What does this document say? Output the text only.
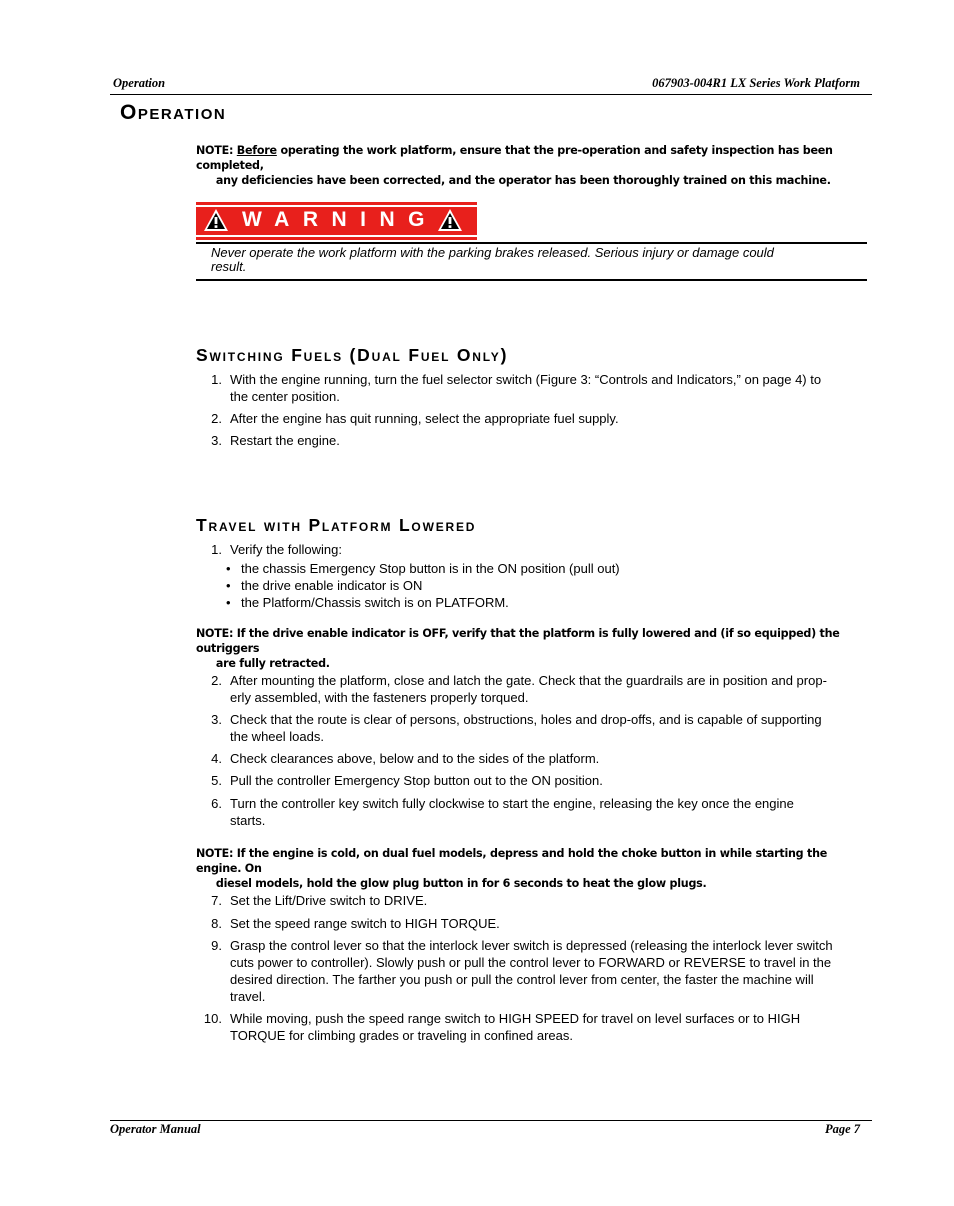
Operation	067903-004R1 LX Series Work Platform
Operation
NOTE: Before operating the work platform, ensure that the pre-operation and safety inspection has been completed,
any deficiencies have been corrected, and the operator has been thoroughly trained on this machine.
WARNING
Never operate the work platform with the parking brakes released. Serious injury or damage could
result.
Switching Fuels (Dual Fuel Only)
1. With the engine running, turn the fuel selector switch (Figure 3: “Controls and Indicators,” on page 4) to
the center position.
2. After the engine has quit running, select the appropriate fuel supply.
3. Restart the engine.
Travel with Platform Lowered
1. Verify the following:
• the chassis Emergency Stop button is in the ON position (pull out)
• the drive enable indicator is ON
• the Platform/Chassis switch is on PLATFORM.
NOTE: If the drive enable indicator is OFF, verify that the platform is fully lowered and (if so equipped) the outriggers
are fully retracted.
2. After mounting the platform, close and latch the gate. Check that the guardrails are in position and prop-
erly assembled, with the fasteners properly torqued.
3. Check that the route is clear of persons, obstructions, holes and drop-offs, and is capable of supporting
the wheel loads.
4. Check clearances above, below and to the sides of the platform.
5. Pull the controller Emergency Stop button out to the ON position.
6. Turn the controller key switch fully clockwise to start the engine, releasing the key once the engine
starts.
NOTE: If the engine is cold, on dual fuel models, depress and hold the choke button in while starting the engine. On
diesel models, hold the glow plug button in for 6 seconds to heat the glow plugs.
7. Set the Lift/Drive switch to DRIVE.
8. Set the speed range switch to HIGH TORQUE.
9. Grasp the control lever so that the interlock lever switch is depressed (releasing the interlock lever switch
cuts power to controller). Slowly push or pull the control lever to FORWARD or REVERSE to travel in the
desired direction. The farther you push or pull the control lever from center, the faster the machine will
travel.
10. While moving, push the speed range switch to HIGH SPEED for travel on level surfaces or to HIGH
TORQUE for climbing grades or traveling in confined areas.
Operator Manual	Page 7
